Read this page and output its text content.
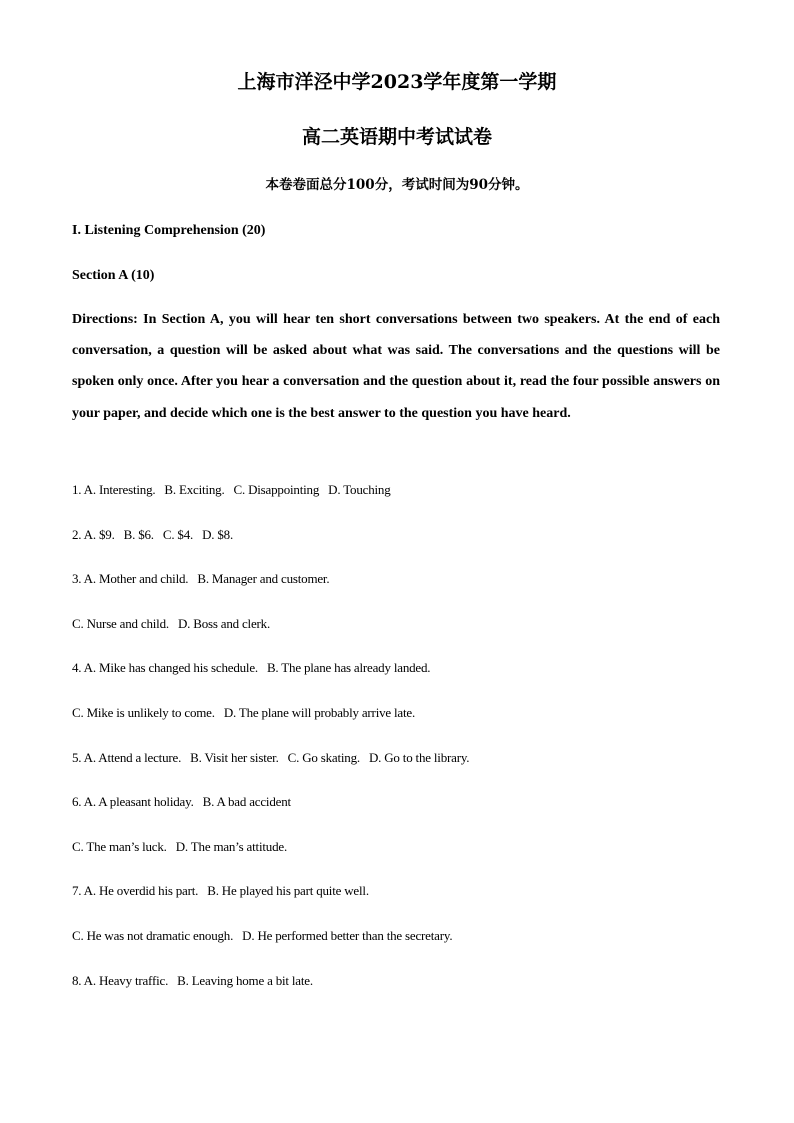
上海市洋泾中学2023学年度第一学期
高二英语期中考试试卷
本卷卷面总分100分，考试时间为90分钟。
I. Listening Comprehension (20)
Section A (10)
Directions: In Section A, you will hear ten short conversations between two speakers. At the end of each conversation, a question will be asked about what was said. The conversations and the questions will be spoken only once. After you hear a conversation and the question about it, read the four possible answers on your paper, and decide which one is the best answer to the question you have heard.
1. A. Interesting. B. Exciting. C. Disappointing D. Touching
2. A. $9. B. $6. C. $4. D. $8.
3. A. Mother and child. B. Manager and customer.
C. Nurse and child. D. Boss and clerk.
4. A. Mike has changed his schedule. B. The plane has already landed.
C. Mike is unlikely to come. D. The plane will probably arrive late.
5. A. Attend a lecture. B. Visit her sister. C. Go skating. D. Go to the library.
6. A. A pleasant holiday. B. A bad accident
C. The man’s luck. D. The man’s attitude.
7. A. He overdid his part. B. He played his part quite well.
C. He was not dramatic enough. D. He performed better than the secretary.
8. A. Heavy traffic. B. Leaving home a bit late.
